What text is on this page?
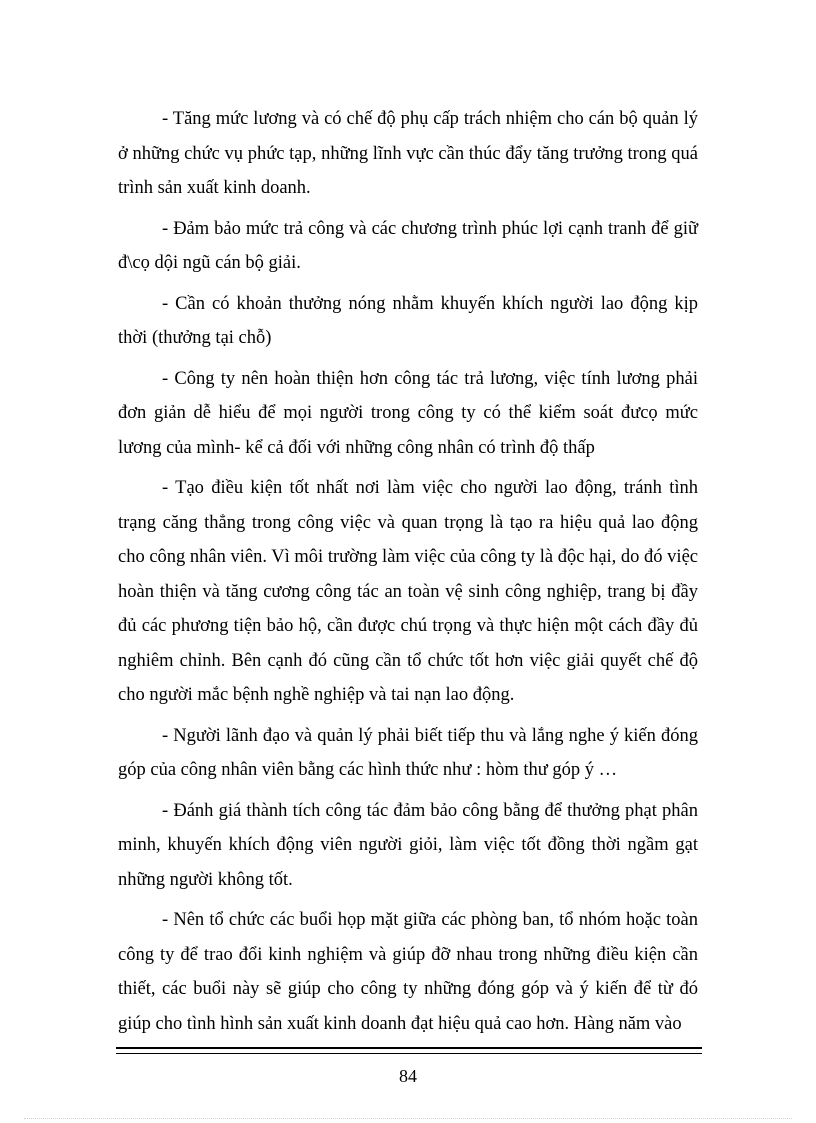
- Tăng mức lương và có chế độ phụ cấp trách nhiệm cho cán bộ quản lý ở những chức vụ phức tạp, những lĩnh vực cần thúc đẩy tăng trưởng trong quá trình sản xuất kinh doanh.

- Đảm bảo mức trả công và các chương trình phúc lợi cạnh tranh để giữ đ\cọ dội ngũ cán bộ giải.

- Cần có khoản thưởng nóng nhằm khuyến khích người lao động kịp thời (thưởng tại chỗ)

- Công ty nên hoàn thiện hơn công tác trả lương, việc tính lương phải đơn giản dễ hiểu để mọi người trong công ty có thể kiểm soát đưcọ mức lương của mình- kể cả đối với những công nhân có trình độ thấp

- Tạo điều kiện tốt nhất nơi làm việc cho người lao động, tránh tình trạng căng thẳng trong công việc và quan trọng là tạo ra hiệu quả lao động cho công nhân viên. Vì môi trường làm việc của công ty là độc hại, do đó việc hoàn thiện và tăng cương công tác an toàn vệ sinh công nghiệp, trang bị đầy đủ các phương tiện bảo hộ, cần được chú trọng và thực hiện một cách đầy đủ nghiêm chỉnh. Bên cạnh đó cũng cần tổ chức tốt hơn việc giải quyết chế độ cho người mắc bệnh nghề nghiệp và tai nạn lao động.

- Người lãnh đạo và quản lý phải biết tiếp thu và lắng nghe ý kiến đóng góp của công nhân viên bằng các hình thức như : hòm thư góp ý …

- Đánh giá thành tích công tác đảm bảo công bằng để thưởng phạt phân minh, khuyến khích động viên người giỏi, làm việc tốt đồng thời ngầm gạt những người không tốt.

- Nên tổ chức các buổi họp mặt giữa các phòng ban, tổ nhóm hoặc toàn công ty để trao đổi kinh nghiệm và giúp đỡ nhau trong những điều kiện cần thiết, các buổi này sẽ giúp cho công ty những đóng góp và ý kiến để từ đó giúp cho tình hình sản xuất kinh doanh đạt hiệu quả cao hơn. Hàng năm vào

84
